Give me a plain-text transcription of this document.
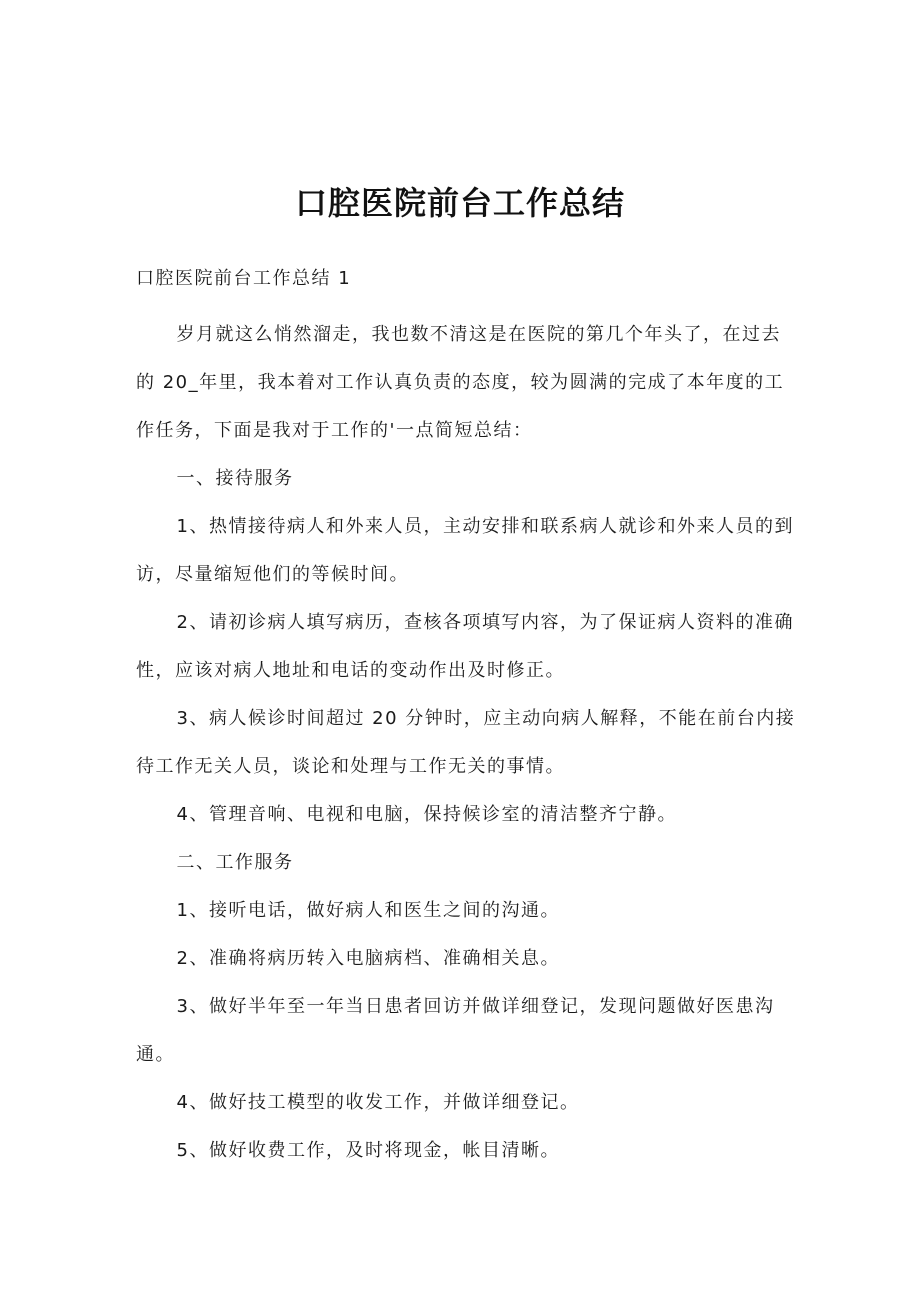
口腔医院前台工作总结

口腔医院前台工作总结 1

岁月就这么悄然溜走，我也数不清这是在医院的第几个年头了，在过去的 20_年里，我本着对工作认真负责的态度，较为圆满的完成了本年度的工作任务，下面是我对于工作的'一点简短总结：

一、接待服务

1、热情接待病人和外来人员，主动安排和联系病人就诊和外来人员的到访，尽量缩短他们的等候时间。

2、请初诊病人填写病历，查核各项填写内容，为了保证病人资料的准确性，应该对病人地址和电话的变动作出及时修正。

3、病人候诊时间超过 20 分钟时，应主动向病人解释，不能在前台内接待工作无关人员，谈论和处理与工作无关的事情。

4、管理音响、电视和电脑，保持候诊室的清洁整齐宁静。

二、工作服务

1、接听电话，做好病人和医生之间的沟通。

2、准确将病历转入电脑病档、准确相关息。

3、做好半年至一年当日患者回访并做详细登记，发现问题做好医患沟通。

4、做好技工模型的收发工作，并做详细登记。

5、做好收费工作，及时将现金，帐目清晰。
